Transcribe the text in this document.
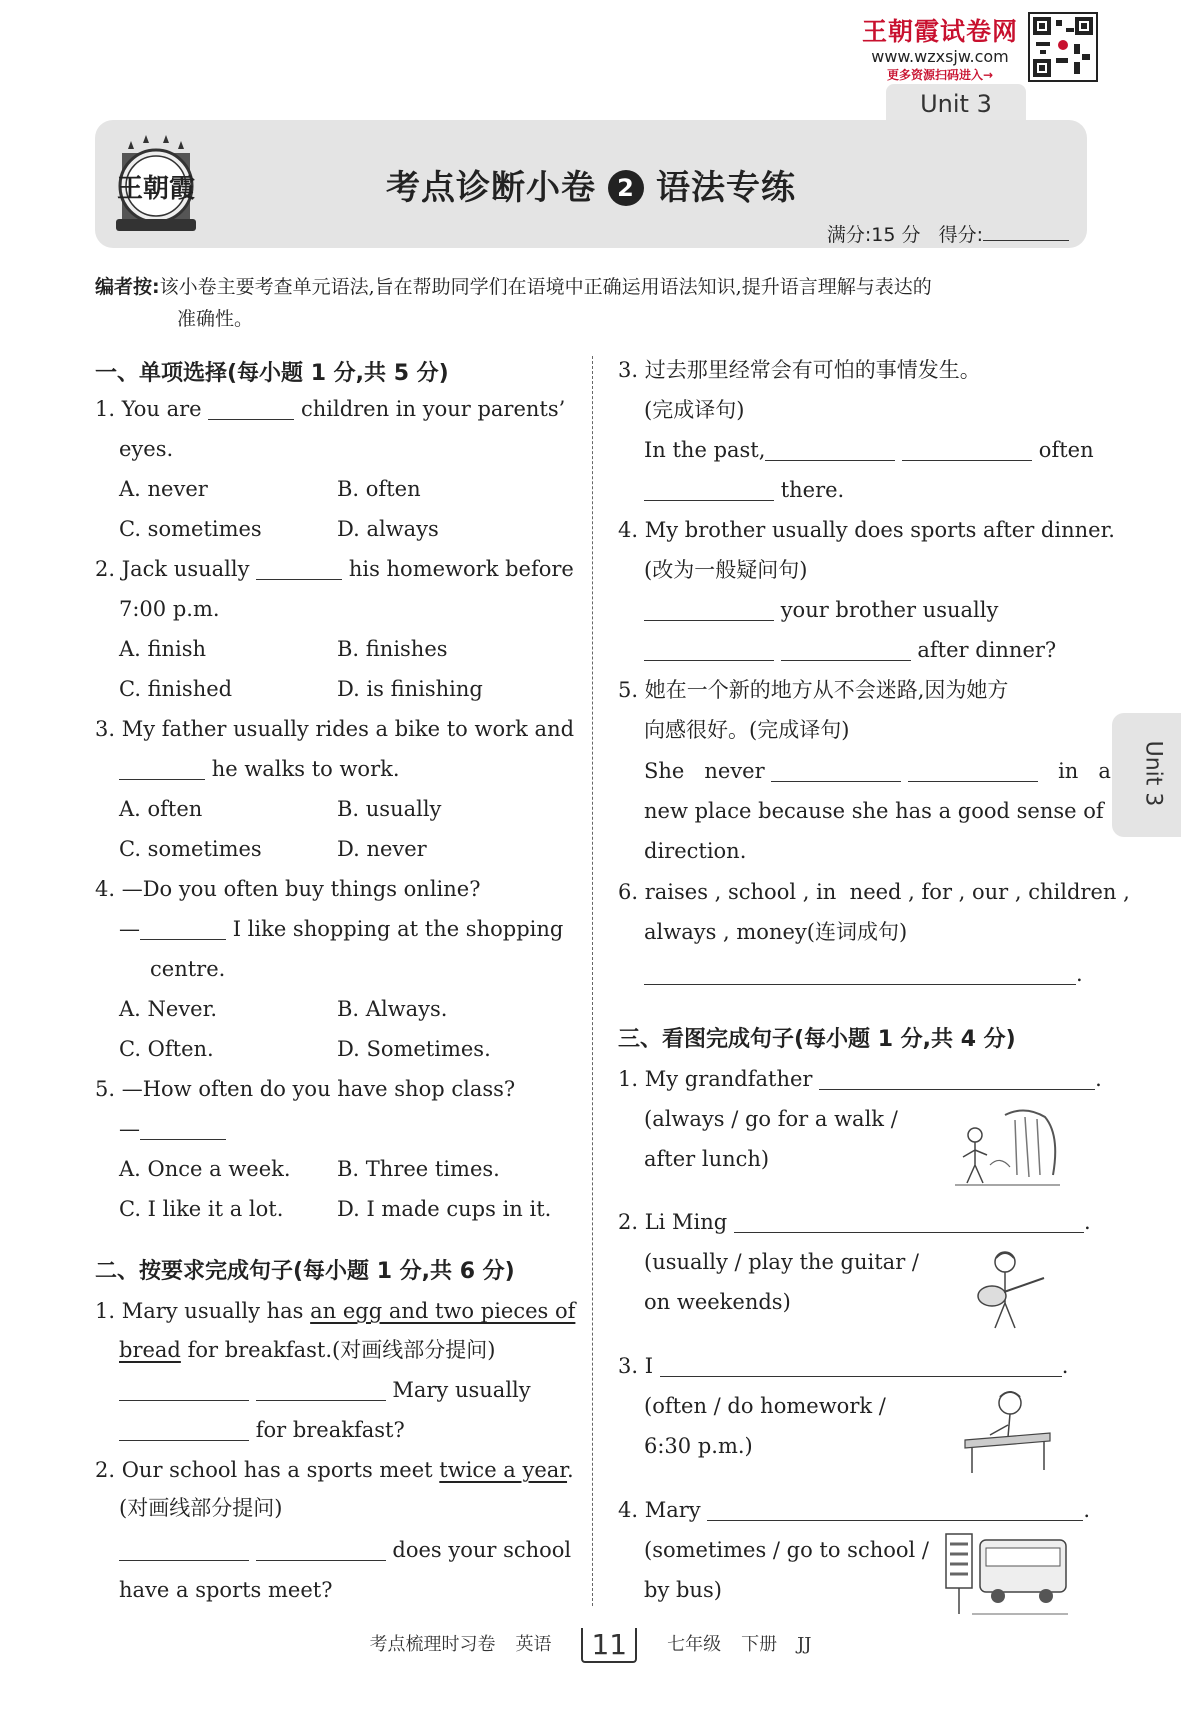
王朝霞试卷网
www.wzxsjw.com
更多资源扫码进入→
Unit 3
考点诊断小卷 2 语法专练
满分:15 分 得分:
王朝霞
编者按:该小卷主要考查单元语法,旨在帮助同学们在语境中正确运用语法知识,提升语言理解与表达的
准确性。
一、单项选择(每小题 1 分,共 5 分)
1. You are	children in your parents’
eyes.
A. never	B. often
C. sometimes	D. always
2. Jack usually	his homework before
7:00 p.m.
A. finish	B. finishes
C. finished	D. is finishing
3. My father usually rides a bike to work and
he walks to work.
A. often	B. usually
C. sometimes	D. never
4. —Do you often buy things online?
—	I like shopping at the shopping
centre.
A. Never.	B. Always.
C. Often.	D. Sometimes.
5. —How often do you have shop class?
—
A. Once a week. B. Three times.
C. I like it a lot.	D. I made cups in it.
二、按要求完成句子(每小题 1 分,共 6 分)
1. Mary usually has an egg and two pieces of
bread for breakfast.(对画线部分提问)
Mary usually
for breakfast?
2. Our school has a sports meet twice a year.
(对画线部分提问)
does your school
have a sports meet?
3. 过去那里经常会有可怕的事情发生。
(完成译句)
In the past,	often
there.
4. My brother usually does sports after dinner.
(改为一般疑问句)
your brother usually
after dinner?
5. 她在一个新的地方从不会迷路,因为她方
向感很好。(完成译句)
She   never	in   a
new place because she has a good sense of
direction.
6. raises , school , in  need , for , our , children ,
always , money(连词成句)
.
三、看图完成句子(每小题 1 分,共 4 分)
1. My grandfather	.
(always / go for a walk /
after lunch)
2. Li Ming	.
(usually / play the guitar /
on weekends)
3. I	.
(often / do homework /
6:30 p.m.)
4. Mary	.
(sometimes / go to school /
by bus)
Unit 3
考点梳理时习卷 英语 11 七年级 下册 JJ
